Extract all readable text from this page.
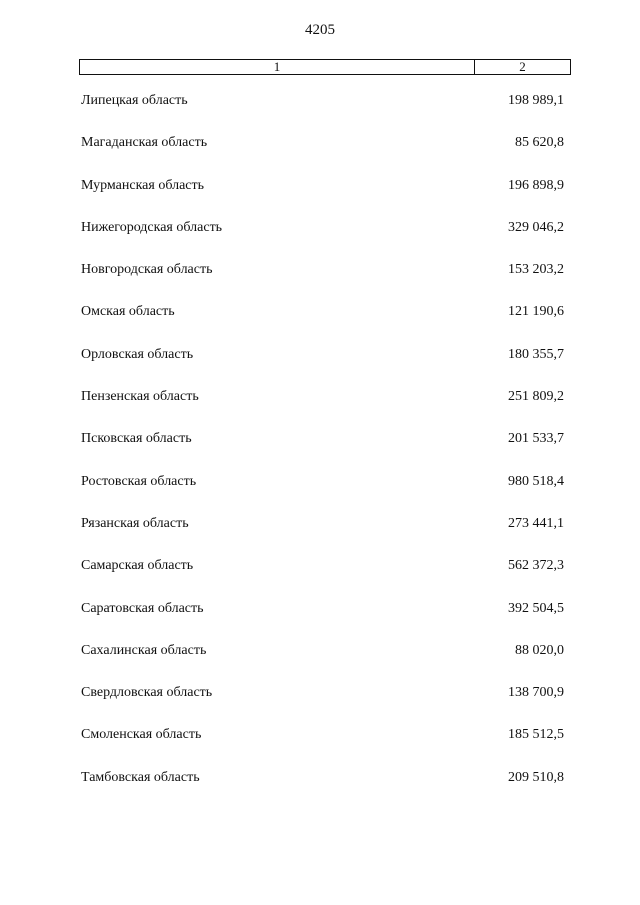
4205
1	2
Липецкая область	198 989,1
Магаданская область	85 620,8
Мурманская область	196 898,9
Нижегородская область	329 046,2
Новгородская область	153 203,2
Омская область	121 190,6
Орловская область	180 355,7
Пензенская область	251 809,2
Псковская область	201 533,7
Ростовская область	980 518,4
Рязанская область	273 441,1
Самарская область	562 372,3
Саратовская область	392 504,5
Сахалинская область	88 020,0
Свердловская область	138 700,9
Смоленская область	185 512,5
Тамбовская область	209 510,8
